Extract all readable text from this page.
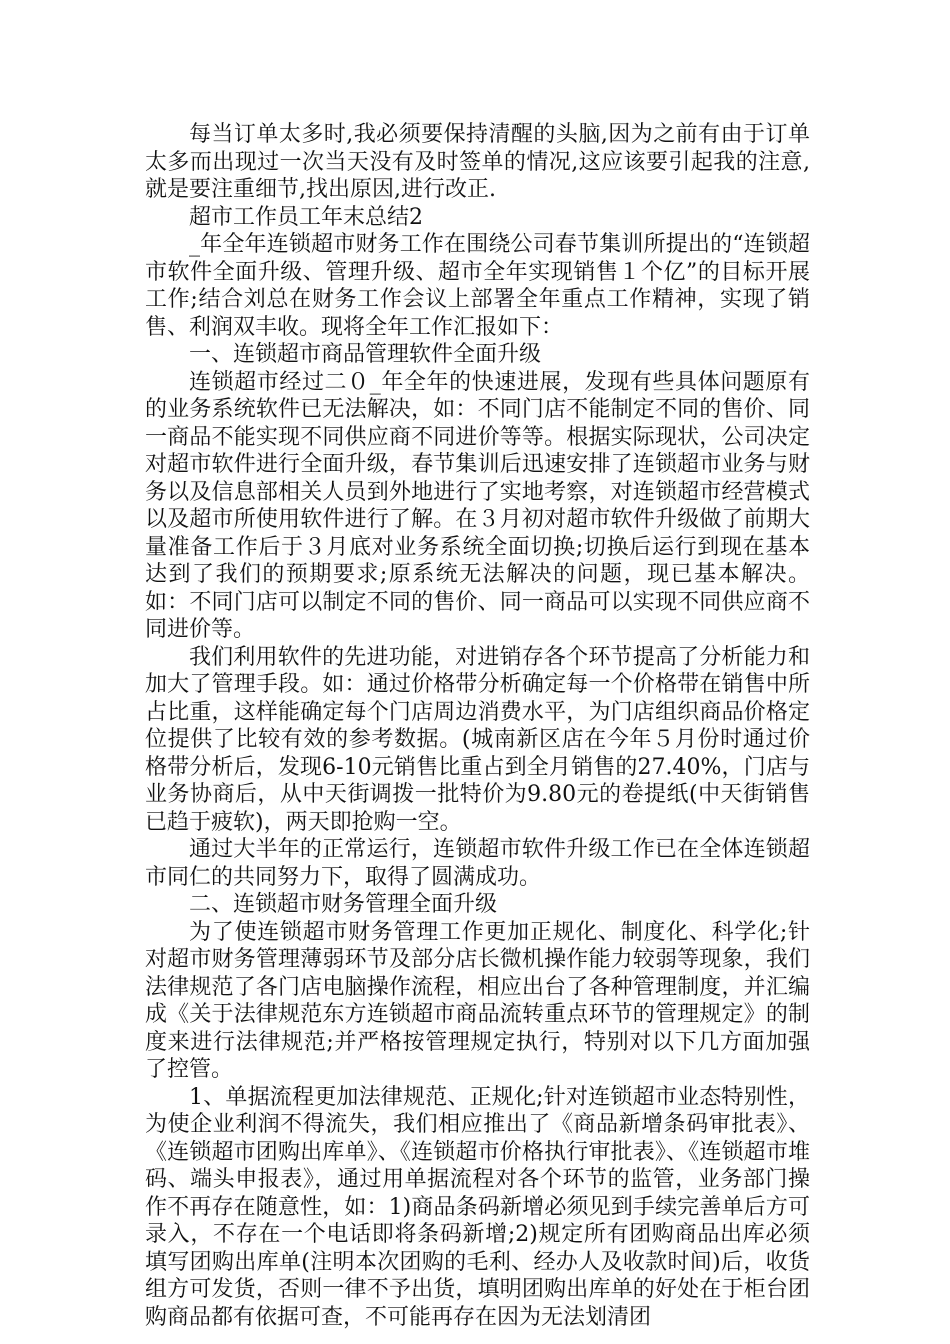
每当订单太多时,我必须要保持清醒的头脑,因为之前有由于订单太多而出现过一次当天没有及时签单的情况,这应该要引起我的注意,就是要注重细节,找出原因,进行改正.

超市工作员工年末总结2

_年全年连锁超市财务工作在围绕公司春节集训所提出的“连锁超市软件全面升级、管理升级、超市全年实现销售１个亿”的目标开展工作;结合刘总在财务工作会议上部署全年重点工作精神，实现了销售、利润双丰收。现将全年工作汇报如下：

一、连锁超市商品管理软件全面升级

连锁超市经过二０_年全年的快速进展，发现有些具体问题原有的业务系统软件已无法解决，如：不同门店不能制定不同的售价、同一商品不能实现不同供应商不同进价等等。根据实际现状，公司决定对超市软件进行全面升级，春节集训后迅速安排了连锁超市业务与财务以及信息部相关人员到外地进行了实地考察，对连锁超市经营模式以及超市所使用软件进行了解。在３月初对超市软件升级做了前期大量准备工作后于３月底对业务系统全面切换;切换后运行到现在基本达到了我们的预期要求;原系统无法解决的问题，现已基本解决。如：不同门店可以制定不同的售价、同一商品可以实现不同供应商不同进价等。

我们利用软件的先进功能，对进销存各个环节提高了分析能力和加大了管理手段。如：通过价格带分析确定每一个价格带在销售中所占比重，这样能确定每个门店周边消费水平，为门店组织商品价格定位提供了比较有效的参考数据。(城南新区店在今年５月份时通过价格带分析后，发现6-10元销售比重占到全月销售的27.40%，门店与业务协商后，从中天街调拨一批特价为9.80元的卷提纸(中天街销售已趋于疲软)，两天即抢购一空。

通过大半年的正常运行，连锁超市软件升级工作已在全体连锁超市同仁的共同努力下，取得了圆满成功。

二、连锁超市财务管理全面升级

为了使连锁超市财务管理工作更加正规化、制度化、科学化;针对超市财务管理薄弱环节及部分店长微机操作能力较弱等现象，我们法律规范了各门店电脑操作流程，相应出台了各种管理制度，并汇编成《关于法律规范东方连锁超市商品流转重点环节的管理规定》的制度来进行法律规范;并严格按管理规定执行，特别对以下几方面加强了控管。

1、单据流程更加法律规范、正规化;针对连锁超市业态特别性，为使企业利润不得流失，我们相应推出了《商品新增条码审批表》、《连锁超市团购出库单》、《连锁超市价格执行审批表》、《连锁超市堆码、端头申报表》，通过用单据流程对各个环节的监管，业务部门操作不再存在随意性，如：1)商品条码新增必须见到手续完善单后方可录入，不存在一个电话即将条码新增;2)规定所有团购商品出库必须填写团购出库单(注明本次团购的毛利、经办人及收款时间)后，收货组方可发货，否则一律不予出货，填明团购出库单的好处在于柜台团购商品都有依据可查，不可能再存在因为无法划清团
